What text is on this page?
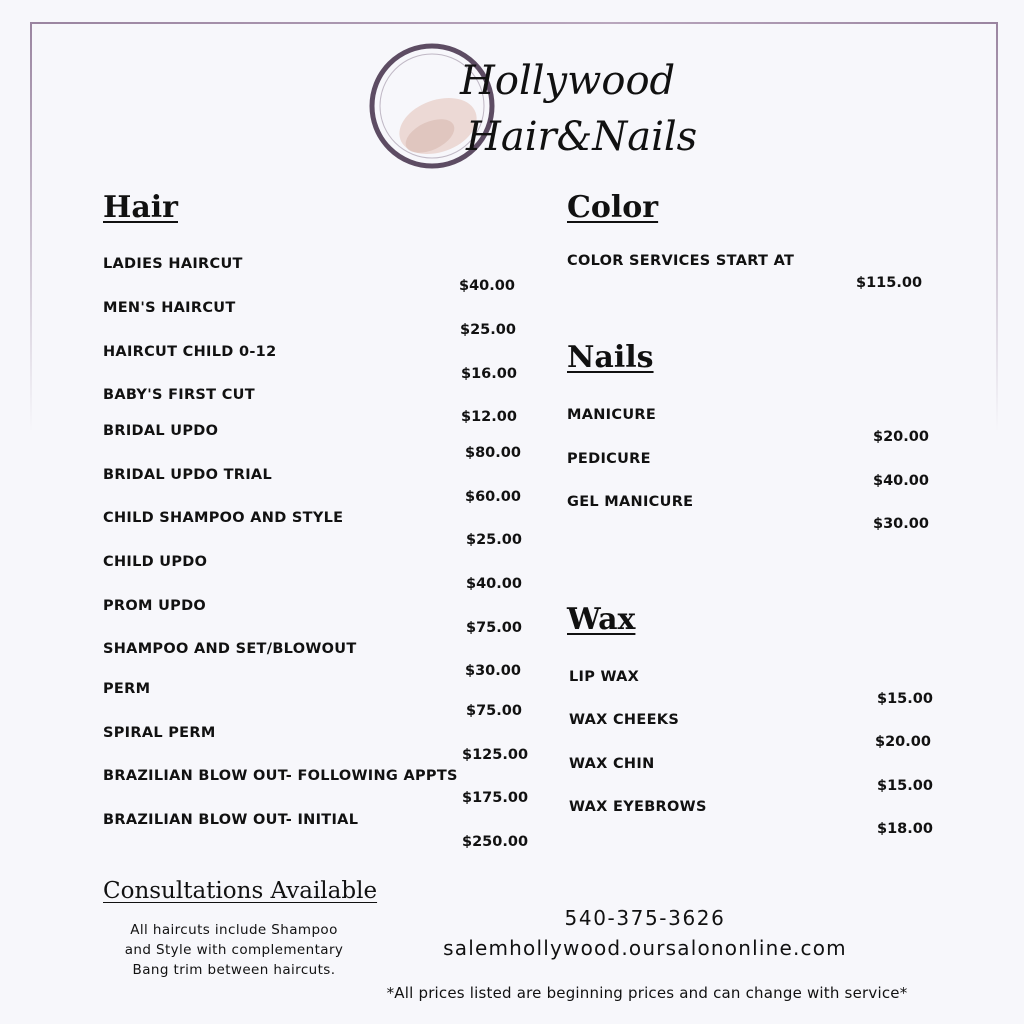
Hollywood
Hair&Nails
Hair
LADIES HAIRCUT
$40.00
MEN'S HAIRCUT
$25.00
HAIRCUT CHILD 0-12
$16.00
BABY'S FIRST CUT
$12.00
BRIDAL UPDO
$80.00
BRIDAL UPDO TRIAL
$60.00
CHILD SHAMPOO AND STYLE
$25.00
CHILD UPDO
$40.00
PROM UPDO
$75.00
SHAMPOO AND SET/BLOWOUT
$30.00
PERM
$75.00
SPIRAL PERM
$125.00
BRAZILIAN BLOW OUT- FOLLOWING APPTS
$175.00
BRAZILIAN BLOW OUT- INITIAL
$250.00
Color
COLOR SERVICES START AT
$115.00
Nails
MANICURE
$20.00
PEDICURE
$40.00
GEL MANICURE
$30.00
Wax
LIP WAX
$15.00
WAX CHEEKS
$20.00
WAX CHIN
$15.00
WAX EYEBROWS
$18.00
Consultations Available
All haircuts include Shampoo and Style with complementary Bang trim between haircuts.
540-375-3626
salemhollywood.oursalononline.com
*All prices listed are beginning prices and can change with service*
